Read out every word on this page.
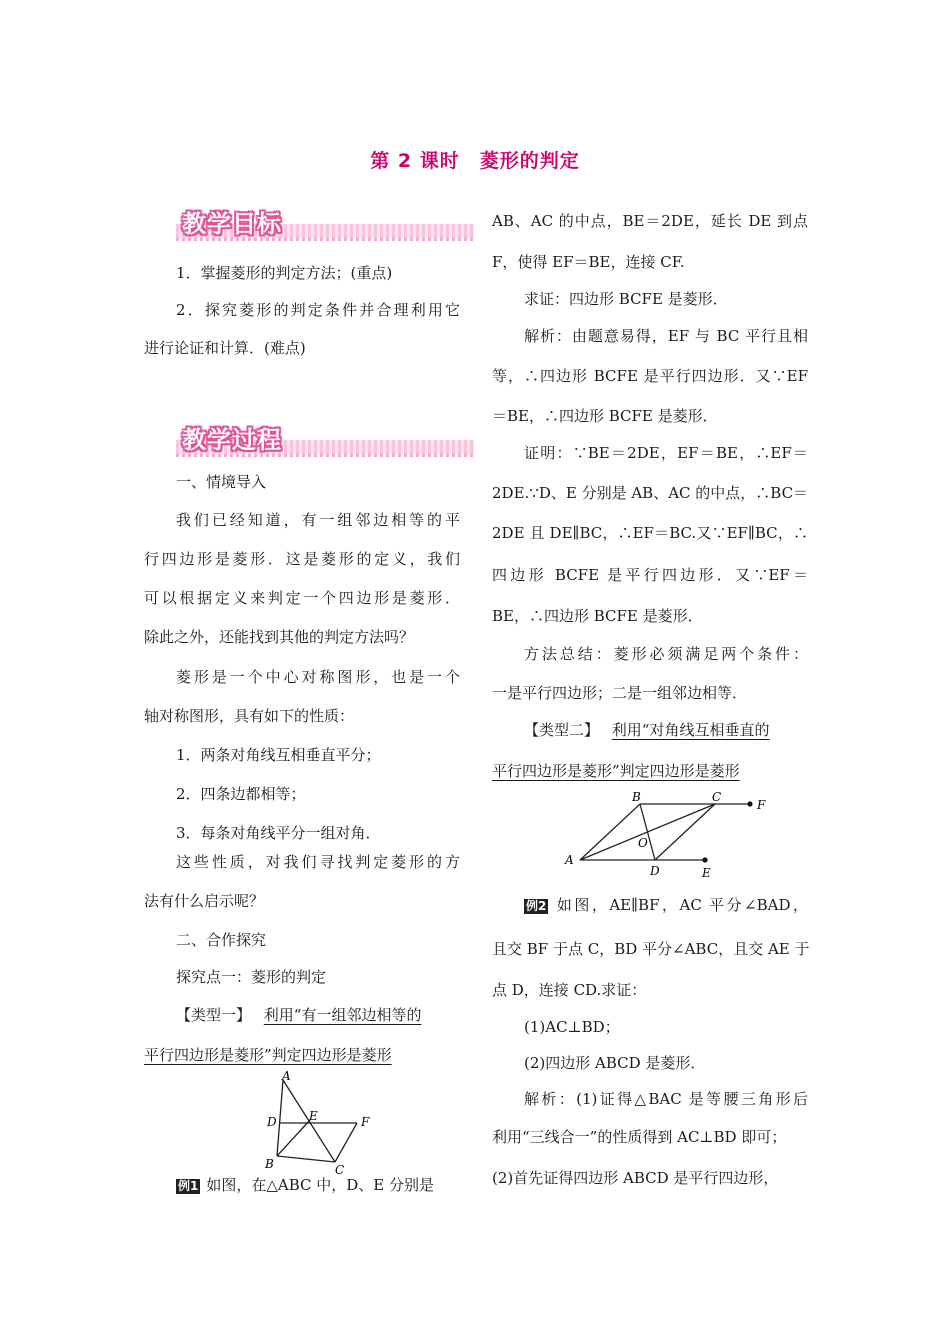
第 2 课时　菱形的判定
教学目标
1．掌握菱形的判定方法；(重点)
2．探究菱形的判定条件并合理利用它
进行论证和计算．(难点)
教学过程
一、情境导入
我们已经知道，有一组邻边相等的平
行四边形是菱形．这是菱形的定义，我们
可以根据定义来判定一个四边形是菱形．
除此之外，还能找到其他的判定方法吗？
菱形是一个中心对称图形，也是一个
轴对称图形，具有如下的性质：
1．两条对角线互相垂直平分；
2．四条边都相等；
3．每条对角线平分一组对角．
这些性质，对我们寻找判定菱形的方
法有什么启示呢？
二、合作探究
探究点一：菱形的判定
【类型一】 利用“有一组邻边相等的
平行四边形是菱形”判定四边形是菱形
A
D	E	F
B	C
例1 如图，在△ABC 中，D、E 分别是
AB、AC 的中点，BE＝2DE，延长 DE 到点
F，使得 EF＝BE，连接 CF.
求证：四边形 BCFE 是菱形．
解析：由题意易得，EF 与 BC 平行且相
等，∴四边形 BCFE 是平行四边形．又∵EF
＝BE，∴四边形 BCFE 是菱形．
证明：∵BE＝2DE，EF＝BE，∴EF＝
2DE.∵D、E 分别是 AB、AC 的中点，∴BC＝
2DE 且 DE∥BC，∴EF＝BC.又∵EF∥BC，∴
四边形 BCFE 是平行四边形．又∵EF＝
BE，∴四边形 BCFE 是菱形．
方法总结：菱形必须满足两个条件：
一是平行四边形；二是一组邻边相等．
【类型二】 利用“对角线互相垂直的
平行四边形是菱形”判定四边形是菱形
B	C
F
O
A
D	E
例2 如图，AE∥BF，AC 平分∠BAD，
且交 BF 于点 C，BD 平分∠ABC，且交 AE 于
点 D，连接 CD.求证：
(1)AC⊥BD；
(2)四边形 ABCD 是菱形．
解析：(1)证得△BAC 是等腰三角形后
利用“三线合一”的性质得到 AC⊥BD 即可；
(2)首先证得四边形 ABCD 是平行四边形，
